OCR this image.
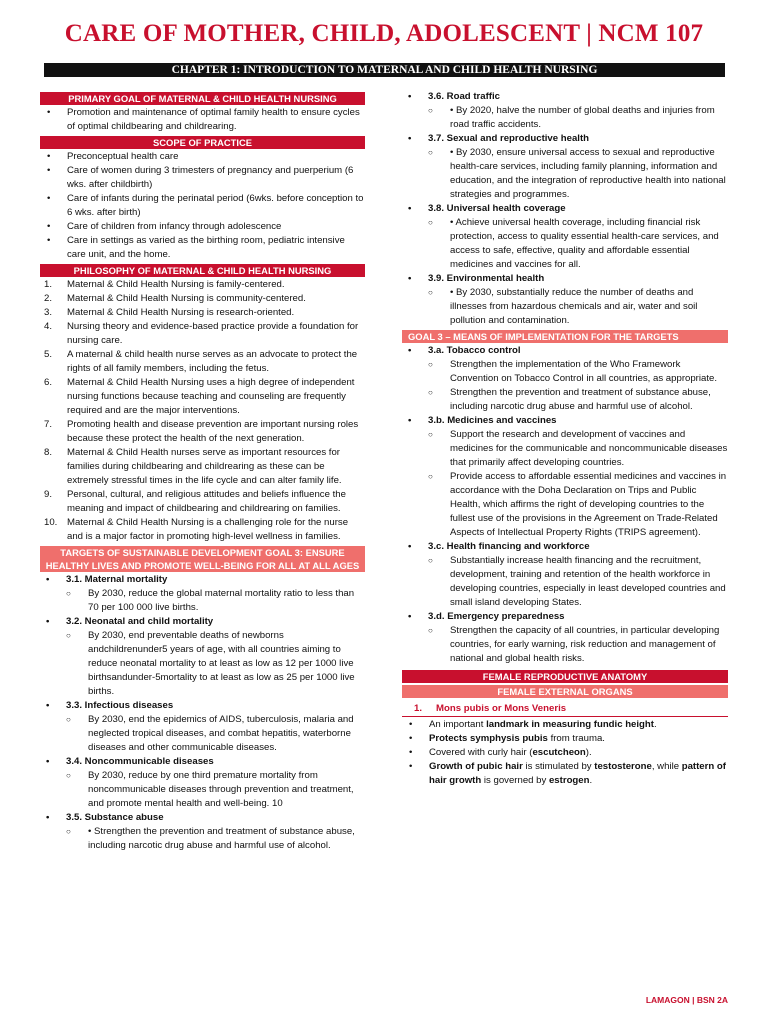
CARE OF MOTHER, CHILD, ADOLESCENT | NCM 107
CHAPTER 1: INTRODUCTION TO MATERNAL AND CHILD HEALTH NURSING
PRIMARY GOAL OF MATERNAL & CHILD HEALTH NURSING
• Promotion and maintenance of optimal family health to ensure cycles of optimal childbearing and childrearing.
SCOPE OF PRACTICE
• Preconceptual health care
• Care of women during 3 trimesters of pregnancy and puerperium (6 wks. after childbirth)
• Care of infants during the perinatal period (6wks. before conception to 6 wks. after birth)
• Care of children from infancy through adolescence
• Care in settings as varied as the birthing room, pediatric intensive care unit, and the home.
PHILOSOPHY OF MATERNAL & CHILD HEALTH NURSING
1. Maternal & Child Health Nursing is family-centered.
2. Maternal & Child Health Nursing is community-centered.
3. Maternal & Child Health Nursing is research-oriented.
4. Nursing theory and evidence-based practice provide a foundation for nursing care.
5. A maternal & child health nurse serves as an advocate to protect the rights of all family members, including the fetus.
6. Maternal & Child Health Nursing uses a high degree of independent nursing functions because teaching and counseling are frequently required and are the major interventions.
7. Promoting health and disease prevention are important nursing roles because these protect the health of the next generation.
8. Maternal & Child Health nurses serve as important resources for families during childbearing and childrearing as these can be extremely stressful times in the life cycle and can alter family life.
9. Personal, cultural, and religious attitudes and beliefs influence the meaning and impact of childbearing and childrearing on families.
10. Maternal & Child Health Nursing is a challenging role for the nurse and is a major factor in promoting high-level wellness in families.
TARGETS OF SUSTAINABLE DEVELOPMENT GOAL 3: ENSURE HEALTHY LIVES AND PROMOTE WELL-BEING FOR ALL AT ALL AGES
• 3.1. Maternal mortality
○ By 2030, reduce the global maternal mortality ratio to less than 70 per 100 000 live births.
• 3.2. Neonatal and child mortality
○ By 2030, end preventable deaths of newborns andchildrenunder5 years of age, with all countries aiming to reduce neonatal mortality to at least as low as 12 per 1000 live birthsandunder-5mortality to at least as low as 25 per 1000 live births.
• 3.3. Infectious diseases
○ By 2030, end the epidemics of AIDS, tuberculosis, malaria and neglected tropical diseases, and combat hepatitis, waterborne diseases and other communicable diseases.
• 3.4. Noncommunicable diseases
○ By 2030, reduce by one third premature mortality from noncommunicable diseases through prevention and treatment, and promote mental health and well-being. 10
• 3.5. Substance abuse
○ • Strengthen the prevention and treatment of substance abuse, including narcotic drug abuse and harmful use of alcohol.
• 3.6. Road traffic
○ • By 2020, halve the number of global deaths and injuries from road traffic accidents.
• 3.7. Sexual and reproductive health
○ • By 2030, ensure universal access to sexual and reproductive health-care services, including family planning, information and education, and the integration of reproductive health into national strategies and programmes.
• 3.8. Universal health coverage
○ • Achieve universal health coverage, including financial risk protection, access to quality essential health-care services, and access to safe, effective, quality and affordable essential medicines and vaccines for all.
• 3.9. Environmental health
○ • By 2030, substantially reduce the number of deaths and illnesses from hazardous chemicals and air, water and soil pollution and contamination.
GOAL 3 – MEANS OF IMPLEMENTATION FOR THE TARGETS
• 3.a. Tobacco control
○ Strengthen the implementation of the Who Framework Convention on Tobacco Control in all countries, as appropriate.
○ Strengthen the prevention and treatment of substance abuse, including narcotic drug abuse and harmful use of alcohol.
• 3.b. Medicines and vaccines
○ Support the research and development of vaccines and medicines for the communicable and noncommunicable diseases that primarily affect developing countries.
○ Provide access to affordable essential medicines and vaccines in accordance with the Doha Declaration on Trips and Public Health, which affirms the right of developing countries to the fullest use of the provisions in the Agreement on Trade-Related Aspects of Intellectual Property Rights (TRIPS agreement).
• 3.c. Health financing and workforce
○ Substantially increase health financing and the recruitment, development, training and retention of the health workforce in developing countries, especially in least developed countries and small island developing States.
• 3.d. Emergency preparedness
○ Strengthen the capacity of all countries, in particular developing countries, for early warning, risk reduction and management of national and global health risks.
FEMALE REPRODUCTIVE ANATOMY
FEMALE EXTERNAL ORGANS
1. Mons pubis or Mons Veneris
• An important landmark in measuring fundic height.
• Protects symphysis pubis from trauma.
• Covered with curly hair (escutcheon).
• Growth of pubic hair is stimulated by testosterone, while pattern of hair growth is governed by estrogen.
LAMAGON | BSN 2A
